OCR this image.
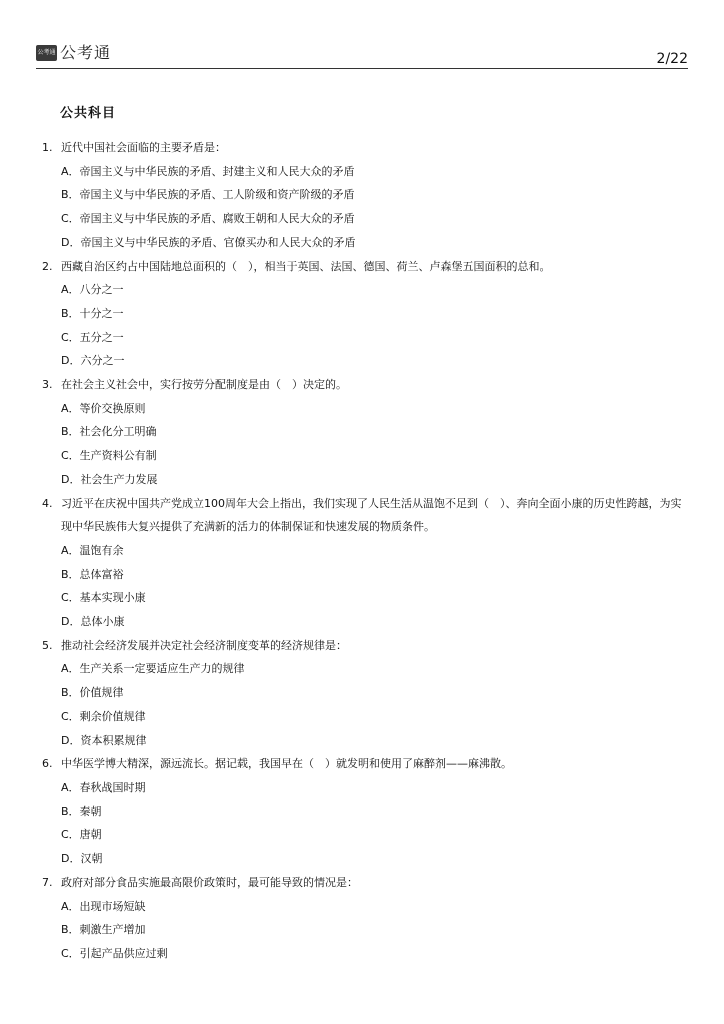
公考通 公考通	2/22
公共科目
1. 近代中国社会面临的主要矛盾是：
A．帝国主义与中华民族的矛盾、封建主义和人民大众的矛盾
B．帝国主义与中华民族的矛盾、工人阶级和资产阶级的矛盾
C．帝国主义与中华民族的矛盾、腐败王朝和人民大众的矛盾
D．帝国主义与中华民族的矛盾、官僚买办和人民大众的矛盾
2. 西藏自治区约占中国陆地总面积的（　），相当于英国、法国、德国、荷兰、卢森堡五国面积的总和。
A．八分之一
B．十分之一
C．五分之一
D．六分之一
3. 在社会主义社会中，实行按劳分配制度是由（　）决定的。
A．等价交换原则
B．社会化分工明确
C．生产资料公有制
D．社会生产力发展
4. 习近平在庆祝中国共产党成立100周年大会上指出，我们实现了人民生活从温饱不足到（　）、奔向全面小康的历史性跨越，为实现中华民族伟大复兴提供了充满新的活力的体制保证和快速发展的物质条件。
A．温饱有余
B．总体富裕
C．基本实现小康
D．总体小康
5. 推动社会经济发展并决定社会经济制度变革的经济规律是：
A．生产关系一定要适应生产力的规律
B．价值规律
C．剩余价值规律
D．资本积累规律
6. 中华医学博大精深，源远流长。据记载，我国早在（　）就发明和使用了麻醉剂——麻沸散。
A．春秋战国时期
B．秦朝
C．唐朝
D．汉朝
7. 政府对部分食品实施最高限价政策时，最可能导致的情况是：
A．出现市场短缺
B．刺激生产增加
C．引起产品供应过剩
